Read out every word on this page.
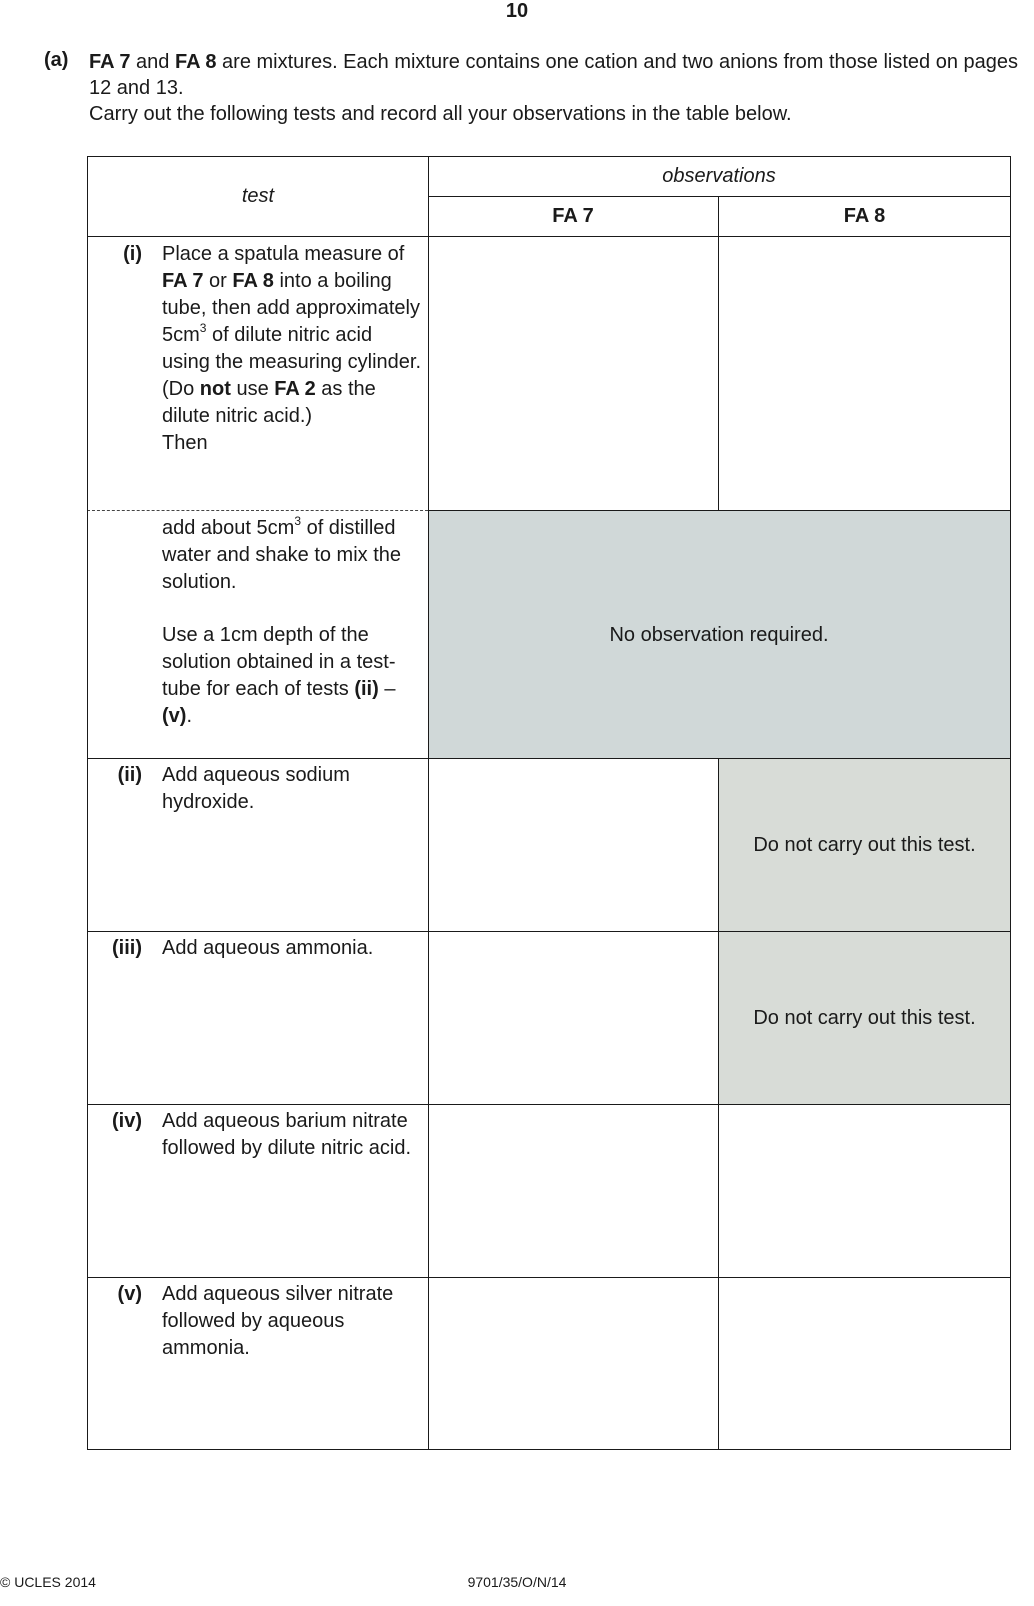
10
(a) FA 7 and FA 8 are mixtures. Each mixture contains one cation and two anions from those listed on pages 12 and 13.

Carry out the following tests and record all your observations in the table below.

test
observations
FA 7	FA 8
(i) Place a spatula measure of FA 7 or FA 8 into a boiling tube, then add approximately $5cm^3$ of dilute nitric acid using the measuring cylinder.
(Do not use FA 2 as the dilute nitric acid.)
Then
add about $5cm^3$ of distilled water and shake to mix the solution.
Use a 1cm depth of the solution obtained in a test-tube for each of tests (ii) – (v).
No observation required.
(ii) Add aqueous sodium hydroxide.
Do not carry out this test.
(iii) Add aqueous ammonia.
Do not carry out this test.
(iv) Add aqueous barium nitrate followed by dilute nitric acid.
(v) Add aqueous silver nitrate followed by aqueous ammonia.
© UCLES 2014	9701/35/O/N/14
